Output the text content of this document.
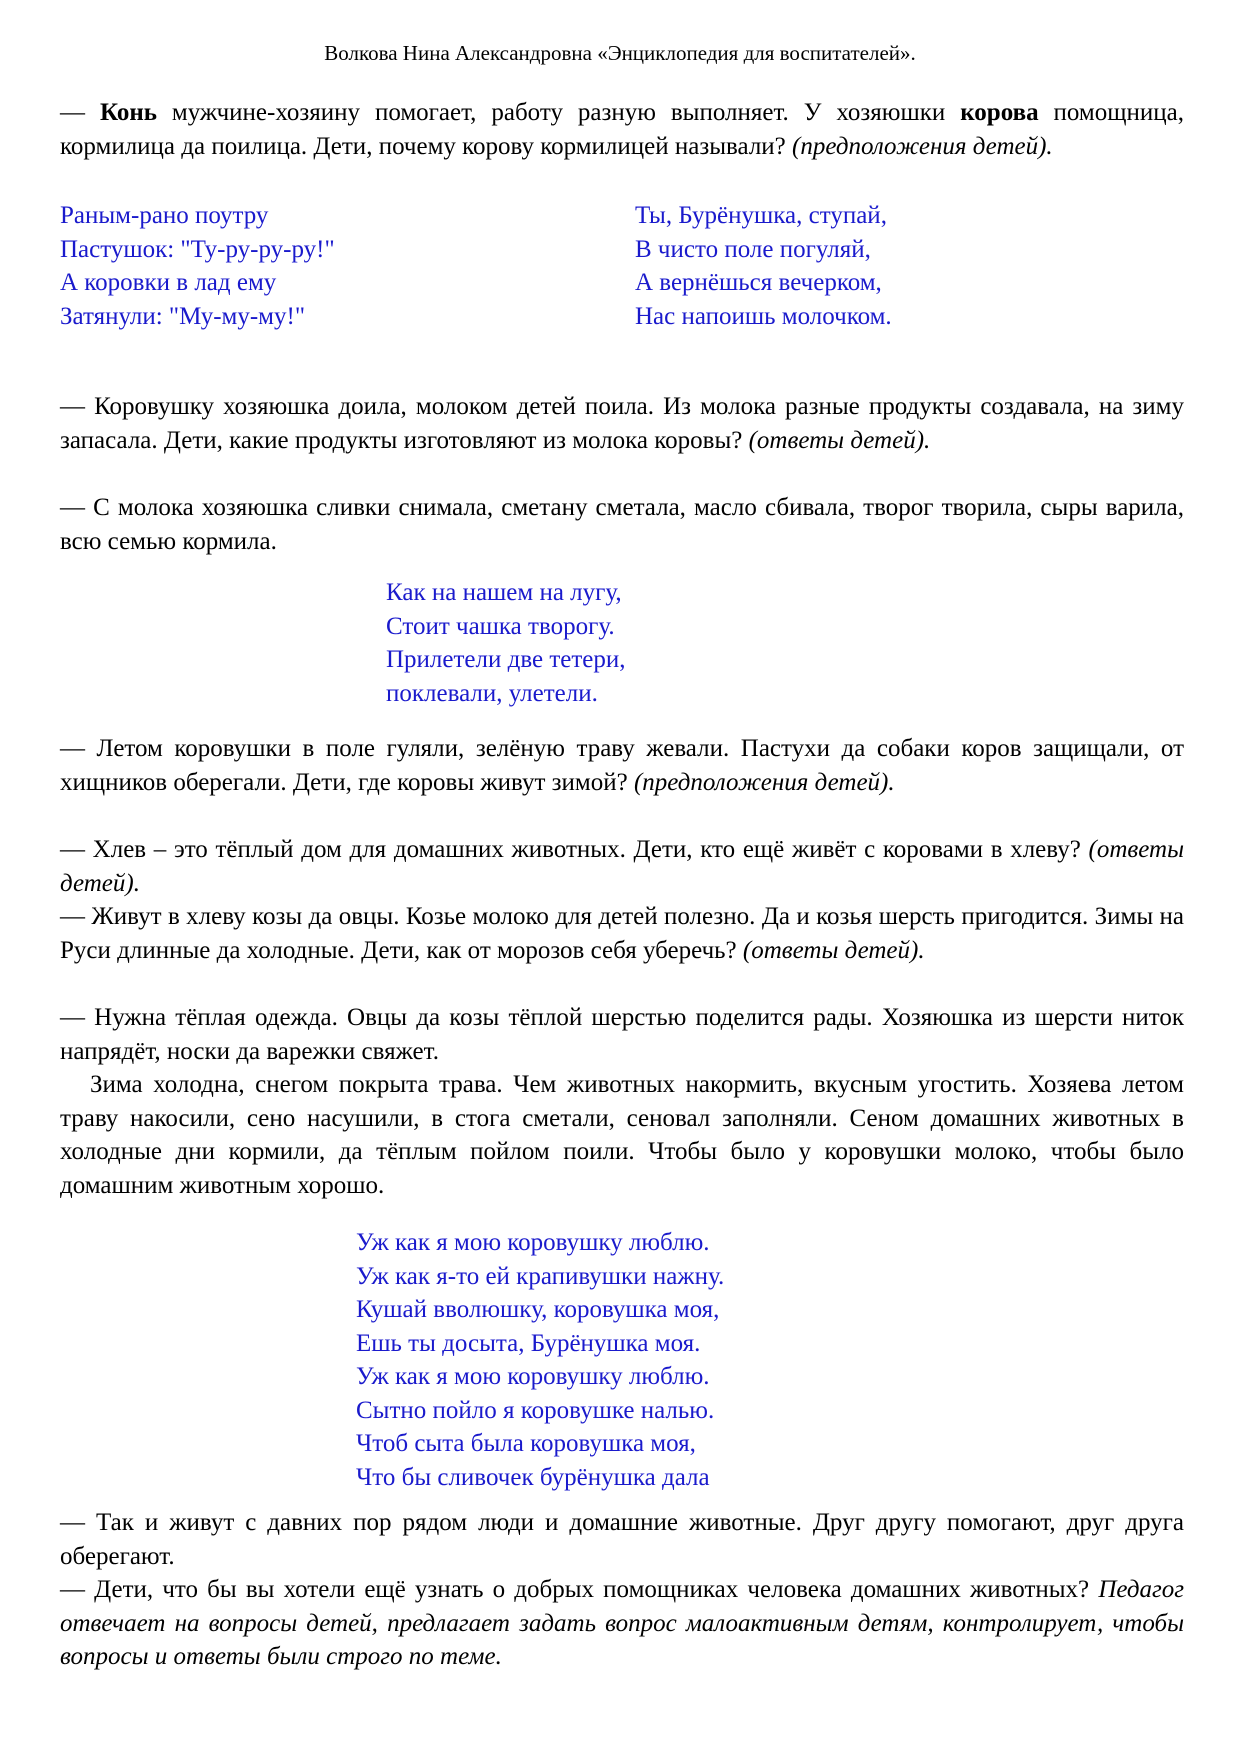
Волкова Нина Александровна «Энциклопедия для воспитателей».
— Конь мужчине-хозяину помогает, работу разную выполняет. У хозяюшки корова помощница, кормилица да поилица. Дети, почему корову кормилицей называли? (предположения детей).
Раным-рано поутру
Пастушок: "Ту-ру-ру-ру!"
А коровки в лад ему
Затянули: "Му-му-му!"
Ты, Бурёнушка, ступай,
В чисто поле погуляй,
А вернёшься вечерком,
Нас напоишь молочком.
— Коровушку хозяюшка доила, молоком детей поила. Из молока разные продукты создавала, на зиму запасала. Дети, какие продукты изготовляют из молока коровы? (ответы детей).
— С молока хозяюшка сливки снимала, сметану сметала, масло сбивала, творог творила, сыры варила, всю семью кормила.
Как на нашем на лугу,
Стоит чашка творогу.
Прилетели две тетери,
поклевали, улетели.
— Летом коровушки в поле гуляли, зелёную траву жевали. Пастухи да собаки коров защищали, от хищников оберегали. Дети, где коровы живут зимой? (предположения детей).
— Хлев – это тёплый дом для домашних животных. Дети, кто ещё живёт с коровами в хлеву? (ответы детей).
— Живут в хлеву козы да овцы. Козье молоко для детей полезно. Да и козья шерсть пригодится. Зимы на Руси длинные да холодные. Дети, как от морозов себя уберечь? (ответы детей).
— Нужна тёплая одежда. Овцы да козы тёплой шерстью поделится рады. Хозяюшка из шерсти ниток напрядёт, носки да варежки свяжет.
Зима холодна, снегом покрыта трава. Чем животных накормить, вкусным угостить. Хозяева летом траву накосили, сено насушили, в стога сметали, сеновал заполняли. Сеном домашних животных в холодные дни кормили, да тёплым пойлом поили. Чтобы было у коровушки молоко, чтобы было домашним животным хорошо.
Уж как я мою коровушку люблю.
Уж как я-то ей крапивушки нажну.
Кушай вволюшку, коровушка моя,
Ешь ты досыта, Бурёнушка моя.
Уж как я мою коровушку люблю.
Сытно пойло я коровушке налью.
Чтоб сыта была коровушка моя,
Что бы сливочек бурёнушка дала
— Так и живут с давних пор рядом люди и домашние животные. Друг другу помогают, друг друга оберегают.
— Дети, что бы вы хотели ещё узнать о добрых помощниках человека домашних животных? Педагог отвечает на вопросы детей, предлагает задать вопрос малоактивным детям, контролирует, чтобы вопросы и ответы были строго по теме.
